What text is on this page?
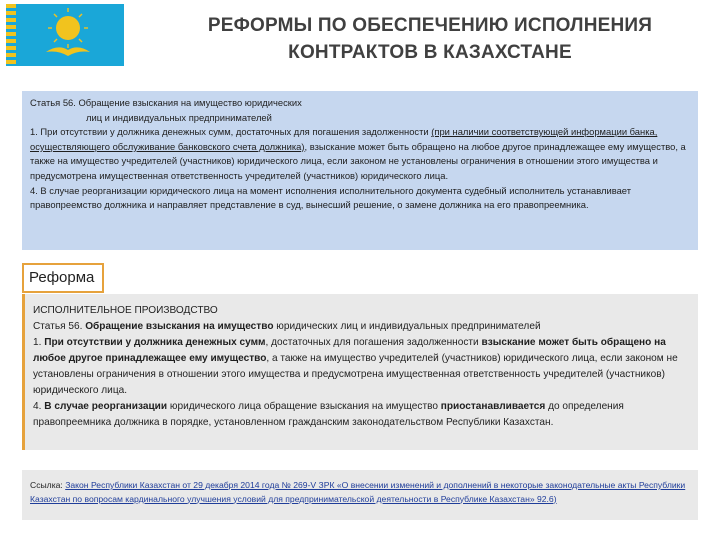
РЕФОРМЫ ПО ОБЕСПЕЧЕНИЮ ИСПОЛНЕНИЯ
КОНТРАКТОВ В КАЗАХСТАНЕ

Статья 56. Обращение взыскания на имущество юридических

лиц и индивидуальных предпринимателей

1. При отсутствии у должника денежных сумм, достаточных для погашения задолженности (при наличии соответствующей информации банка, осуществляющего обслуживание банковского счета должника), взыскание может быть обращено на любое другое принадлежащее ему имущество, а также на имущество учредителей (участников) юридического лица, если законом не установлены ограничения в отношении этого имущества и предусмотрена имущественная ответственность учредителей (участников) юридического лица.

4. В случае реорганизации юридического лица на момент исполнения исполнительного документа судебный исполнитель устанавливает правопреемство должника и направляет представление в суд, вынесший решение, о замене должника на его правопреемника.

Реформа

ИСПОЛНИТЕЛЬНОЕ ПРОИЗВОДСТВО

Статья 56. Обращение взыскания на имущество юридических лиц и индивидуальных предпринимателей

1. При отсутствии у должника денежных сумм, достаточных для погашения задолженности взыскание может быть обращено на любое другое принадлежащее ему имущество, а также на имущество учредителей (участников) юридического лица, если законом не установлены ограничения в отношении этого имущества и предусмотрена имущественная ответственность учредителей (участников) юридического лица.

4. В случае реорганизации юридического лица обращение взыскания на имущество приостанавливается до определения правопреемника должника в порядке, установленном гражданским законодательством Республики Казахстан.

Ссылка: Закон Республики Казахстан от 29 декабря 2014 года № 269-V ЗРК «О внесении изменений и дополнений в некоторые законодательные акты Республики Казахстан по вопросам кардинального улучшения условий для предпринимательской деятельности в Республике Казахстан» 92.6)
